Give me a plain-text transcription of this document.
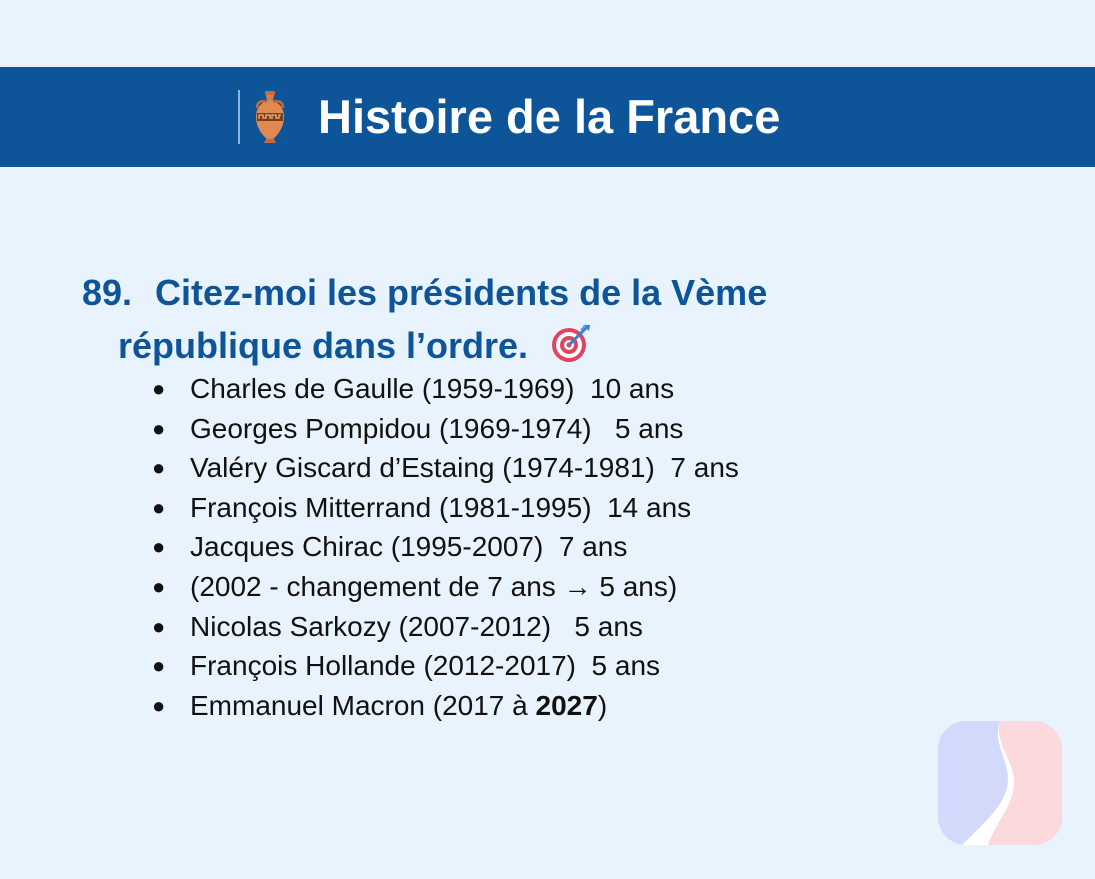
Histoire de la France
89. Citez-moi les présidents de la Vème
république dans l’ordre.
● Charles de Gaulle (1959-1969)  10 ans
● Georges Pompidou (1969-1974)   5 ans
● Valéry Giscard d’Estaing (1974-1981)  7 ans
● François Mitterrand (1981-1995)  14 ans
● Jacques Chirac (1995-2007)  7 ans
● (2002 - changement de 7 ans → 5 ans)
● Nicolas Sarkozy (2007-2012)   5 ans
● François Hollande (2012-2017)  5 ans
● Emmanuel Macron (2017 à 2027)
